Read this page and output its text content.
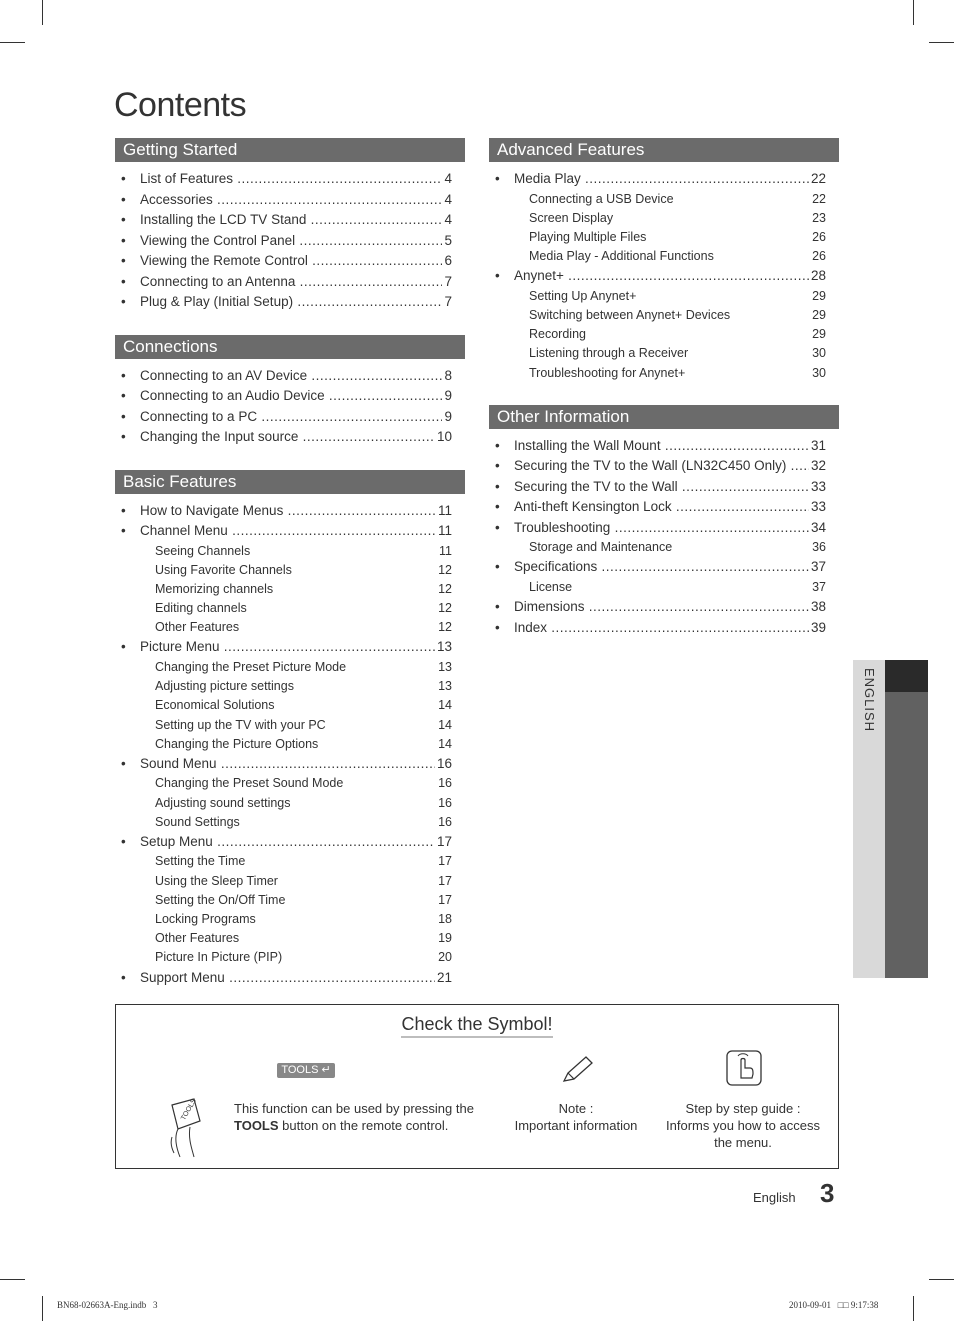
Contents
Getting Started
• List of Features .....	4
• Accessories .....	4
• Installing the LCD TV Stand .....	4
• Viewing the Control Panel .....	5
• Viewing the Remote Control .....	6
• Connecting to an Antenna .....	7
• Plug & Play (Initial Setup) .....	7
Connections
• Connecting to an AV Device .....	8
• Connecting to an Audio Device .....	9
• Connecting to a PC .....	9
• Changing the Input source .....	10
Basic Features
• How to Navigate Menus .....	11
• Channel Menu .....	11
Seeing Channels	11
Using Favorite Channels	12
Memorizing channels	12
Editing channels	12
Other Features	12
• Picture Menu .....	13
Changing the Preset Picture Mode	13
Adjusting picture settings	13
Economical Solutions	14
Setting up the TV with your PC	14
Changing the Picture Options	14
• Sound Menu .....	16
Changing the Preset Sound Mode	16
Adjusting sound settings	16
Sound Settings	16
• Setup Menu .....	17
Setting the Time	17
Using the Sleep Timer	17
Setting the On/Off Time	17
Locking Programs	18
Other Features	19
Picture In Picture (PIP)	20
• Support Menu .....	21
Advanced Features
• Media Play .....	22
Connecting a USB Device	22
Screen Display	23
Playing Multiple Files	26
Media Play - Additional Functions	26
• Anynet+ .....	28
Setting Up Anynet+	29
Switching between Anynet+ Devices	29
Recording	29
Listening through a Receiver	30
Troubleshooting for Anynet+	30
Other Information
• Installing the Wall Mount .....	31
• Securing the TV to the Wall (LN32C450 Only) .....	32
• Securing the TV to the Wall .....	33
• Anti-theft Kensington Lock .....	33
• Troubleshooting .....	34
Storage and Maintenance	36
• Specifications .....	37
License	37
• Dimensions .....	38
• Index .....	39
ENGLISH
Check the Symbol!
TOOLS ↵
TOOLS	This function can be used by pressing the
TOOLS button on the remote control.
Note :
Important information
Step by step guide :
Informs you how to access
the menu.
English 3
BN68-02663A-Eng.indb   3	2010-09-01   □□ 9:17:38
